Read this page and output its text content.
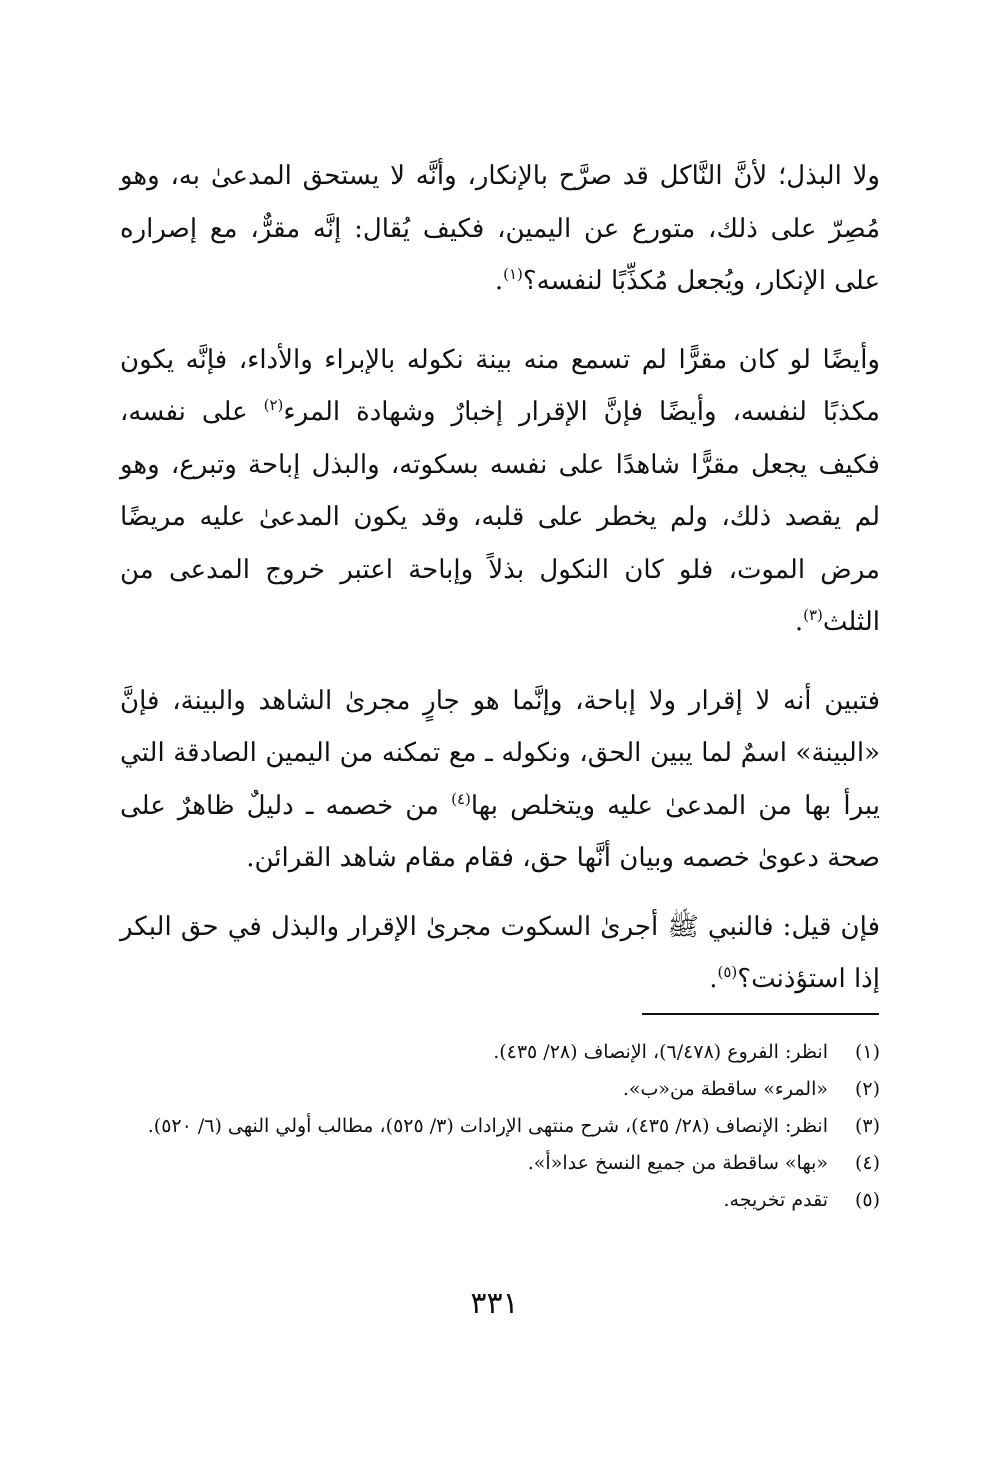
ولا البذل؛ لأنَّ النَّاكل قد صرَّح بالإنكار، وأنَّه لا يستحق المدعىٰ به، وهو مُصِرّ على ذلك، متورع عن اليمين، فكيف يُقال: إنَّه مقرٌّ، مع إصراره على الإنكار، ويُجعل مُكذِّبًا لنفسه؟$^{(١)}$.

وأيضًا لو كان مقرًّا لم تسمع منه بينة نكوله بالإبراء والأداء، فإنَّه يكون مكذبًا لنفسه، وأيضًا فإنَّ الإقرار إخبارٌ وشهادة المرء$^{(٢)}$ على نفسه، فكيف يجعل مقرًّا شاهدًا على نفسه بسكوته، والبذل إباحة وتبرع، وهو لم يقصد ذلك، ولم يخطر على قلبه، وقد يكون المدعىٰ عليه مريضًا مرض الموت، فلو كان النكول بذلاً وإباحة اعتبر خروج المدعى من الثلث$^{(٣)}$.

فتبين أنه لا إقرار ولا إباحة، وإنَّما هو جارٍ مجرىٰ الشاهد والبينة، فإنَّ «البينة» اسمٌ لما يبين الحق، ونكوله ـ مع تمكنه من اليمين الصادقة التي يبرأ بها من المدعىٰ عليه ويتخلص بها$^{(٤)}$ من خصمه ـ دليلٌ ظاهرٌ على صحة دعوىٰ خصمه وبيان أنَّها حق، فقام مقام شاهد القرائن.

فإن قيل: فالنبي ﷺ أجرىٰ السكوت مجرىٰ الإقرار والبذل في حق البكر إذا استؤذنت؟$^{(٥)}$.

(١)
انظر: الفروع (٦/٤٧٨)، الإنصاف (٢٨/ ٤٣٥).
(٢)
«المرء» ساقطة من«ب».
(٣)
انظر: الإنصاف (٢٨/ ٤٣٥)، شرح منتهى الإرادات (٣/ ٥٢٥)، مطالب أولي النهى (٦/ ٥٢٠).
(٤)
«بها» ساقطة من جميع النسخ عدا«أ».
(٥)
تقدم تخريجه.
٣٣١
